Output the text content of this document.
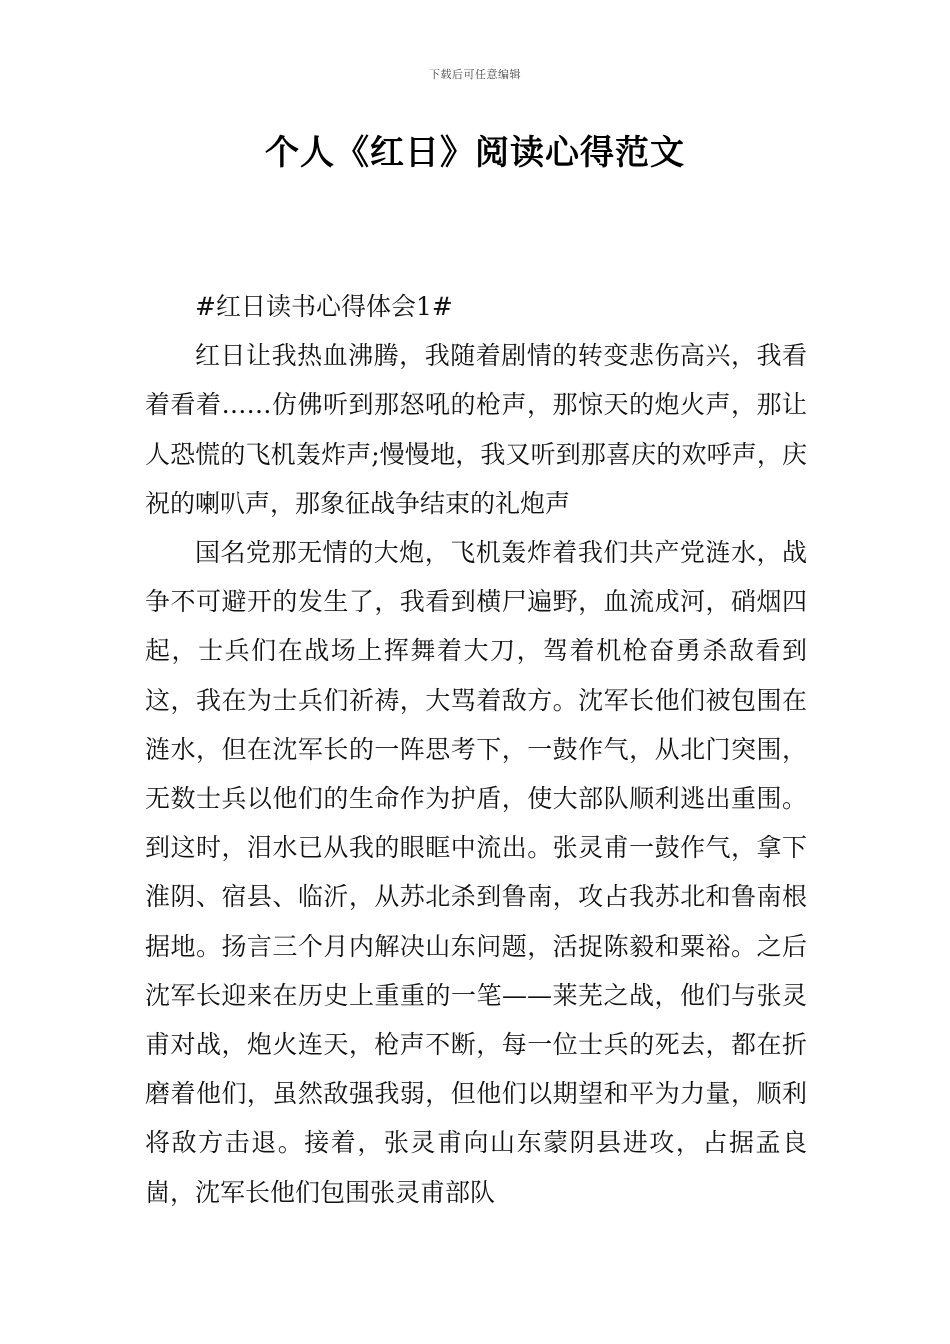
下载后可任意编辑
个人《红日》阅读心得范文

#红日读书心得体会1#

红日让我热血沸腾，我随着剧情的转变悲伤高兴，我看着看着……仿佛听到那怒吼的枪声，那惊天的炮火声，那让人恐慌的飞机轰炸声;慢慢地，我又听到那喜庆的欢呼声，庆祝的喇叭声，那象征战争结束的礼炮声

国名党那无情的大炮，飞机轰炸着我们共产党涟水，战争不可避开的发生了，我看到横尸遍野，血流成河，硝烟四起，士兵们在战场上挥舞着大刀，驾着机枪奋勇杀敌看到这，我在为士兵们祈祷，大骂着敌方。沈军长他们被包围在涟水，但在沈军长的一阵思考下，一鼓作气，从北门突围，无数士兵以他们的生命作为护盾，使大部队顺利逃出重围。到这时，泪水已从我的眼眶中流出。张灵甫一鼓作气，拿下淮阴、宿县、临沂，从苏北杀到鲁南，攻占我苏北和鲁南根据地。扬言三个月内解决山东问题，活捉陈毅和粟裕。之后沈军长迎来在历史上重重的一笔——莱芜之战，他们与张灵甫对战，炮火连天，枪声不断，每一位士兵的死去，都在折磨着他们，虽然敌强我弱，但他们以期望和平为力量，顺利将敌方击退。接着，张灵甫向山东蒙阴县进攻，占据孟良崮，沈军长他们包围张灵甫部队
